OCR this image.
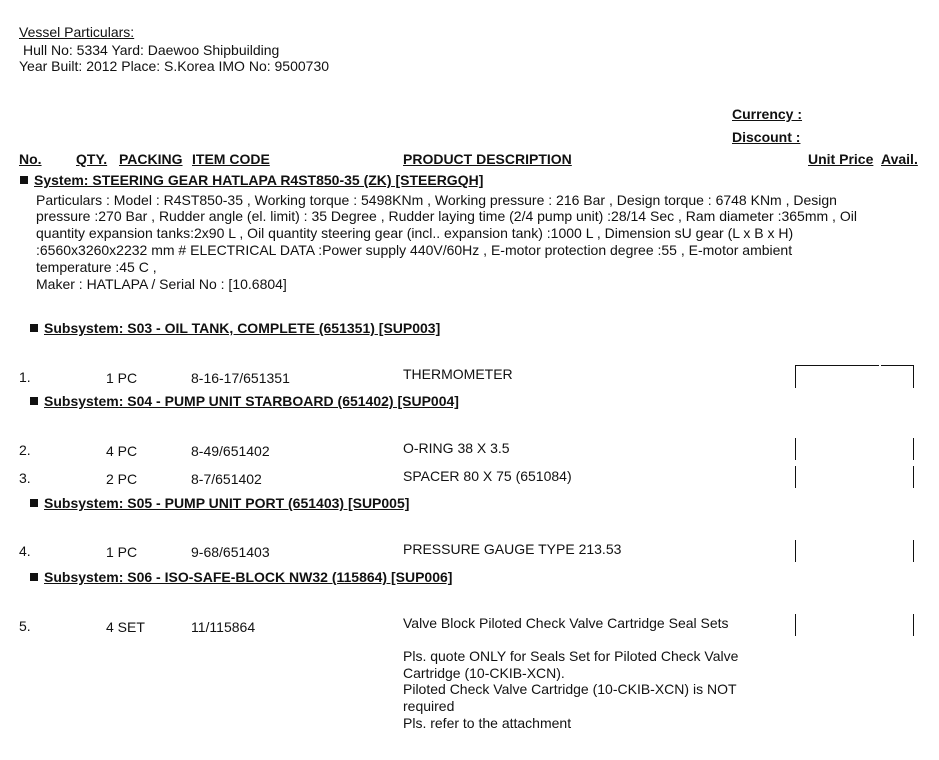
Vessel Particulars:
Hull No: 5334 Yard: Daewoo Shipbuilding
Year Built: 2012 Place: S.Korea IMO No: 9500730
Currency :
Discount :
No. QTY. PACKING ITEM CODE	PRODUCT DESCRIPTION	Unit Price Avail.
System: STEERING GEAR HATLAPA R4ST850-35 (ZK) [STEERGQH]
Particulars : Model : R4ST850-35 , Working torque : 5498KNm , Working pressure : 216 Bar , Design torque : 6748 KNm , Design
pressure :270 Bar , Rudder angle (el. limit) : 35 Degree , Rudder laying time (2/4 pump unit) :28/14 Sec , Ram diameter :365mm , Oil
quantity expansion tanks:2x90 L , Oil quantity steering gear (incl.. expansion tank) :1000 L , Dimension sU gear (L x B x H)
:6560x3260x2232 mm # ELECTRICAL DATA :Power supply 440V/60Hz , E-motor protection degree :55 , E-motor ambient
temperature :45 C ,
Maker : HATLAPA / Serial No : [10.6804]
Subsystem: S03 - OIL TANK, COMPLETE (651351) [SUP003]
1.	1 PC	8-16-17/651351	THERMOMETER
Subsystem: S04 - PUMP UNIT STARBOARD (651402) [SUP004]
2.	4 PC	8-49/651402	O-RING 38 X 3.5
3.	2 PC	8-7/651402	SPACER 80 X 75 (651084)
Subsystem: S05 - PUMP UNIT PORT (651403) [SUP005]
4.	1 PC	9-68/651403	PRESSURE GAUGE TYPE 213.53
Subsystem: S06 - ISO-SAFE-BLOCK NW32 (115864) [SUP006]
5.	4 SET	11/115864	Valve Block Piloted Check Valve Cartridge Seal Sets
Pls. quote ONLY for Seals Set for Piloted Check Valve
Cartridge (10-CKIB-XCN).
Piloted Check Valve Cartridge (10-CKIB-XCN) is NOT
required
Pls. refer to the attachment
